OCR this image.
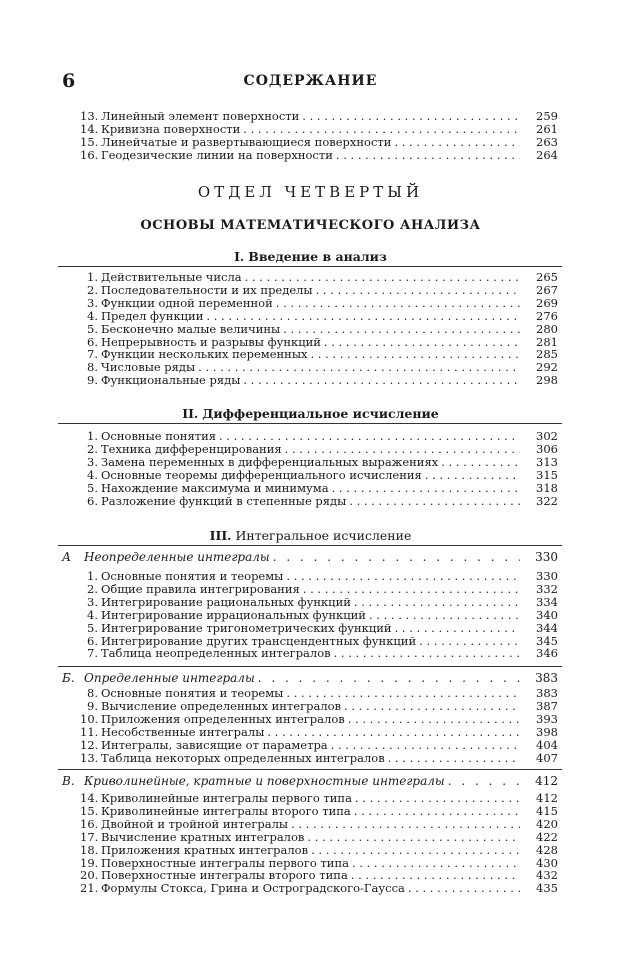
6	СОДЕРЖАНИЕ
13. Линейный элемент поверхности . . .	259
14. Кривизна поверхности . . .	261
15. Линейчатые и развертывающиеся поверхности . . .	263
16. Геодезические линии на поверхности . . .	264
ОТДЕЛ ЧЕТВЕРТЫЙ
ОСНОВЫ МАТЕМАТИЧЕСКОГО АНАЛИЗА
I. Введение в анализ
1. Действительные числа . . .	265
2. Последовательности и их пределы . . .	267
3. Функции одной переменной . . .	269
4. Предел функции . . .	276
5. Бесконечно малые величины . . .	280
6. Непрерывность и разрывы функций . . .	281
7. Функции нескольких переменных . . .	285
8. Числовые ряды . . .	292
9. Функциональные ряды . . .	298
II. Дифференциальное исчисление
1. Основные понятия . . .	302
2. Техника дифференцирования . . .	306
3. Замена переменных в дифференциальных выражениях . . .	313
4. Основные теоремы дифференциального исчисления . . .	315
5. Нахождение максимума и минимума . . .	318
6. Разложение функций в степенные ряды . . .	322
III. Интегральное исчисление
А	Неопределенные интегралы . . .	330
1. Основные понятия и теоремы . . .	330
2. Общие правила интегрирования . . .	332
3. Интегрирование рациональных функций . . .	334
4. Интегрирование иррациональных функций . . .	340
5. Интегрирование тригонометрических функций . . .	344
6. Интегрирование других трансцендентных функций . . .	345
7. Таблица неопределенных интегралов . . .	346
Б. Определенные интегралы . . .	383
8. Основные понятия и теоремы . . .	383
9. Вычисление определенных интегралов . . .	387
10. Приложения определенных интегралов . . .	393
11. Несобственные интегралы . . .	398
12. Интегралы, зависящие от параметра . . .	404
13. Таблица некоторых определенных интегралов . . .	407
В. Криволинейные, кратные и поверхностные интегралы . . .	412
14. Криволинейные интегралы первого типа . . .	412
15. Криволинейные интегралы второго типа . . .	415
16. Двойной и тройной интегралы . . .	420
17. Вычисление кратных интегралов . . .	422
18. Приложения кратных интегралов . . .	428
19. Поверхностные интегралы первого типа . . .	430
20. Поверхностные интегралы второго типа . . .	432
21. Формулы Стокса, Грина и Остроградского-Гаусса . . .	435
